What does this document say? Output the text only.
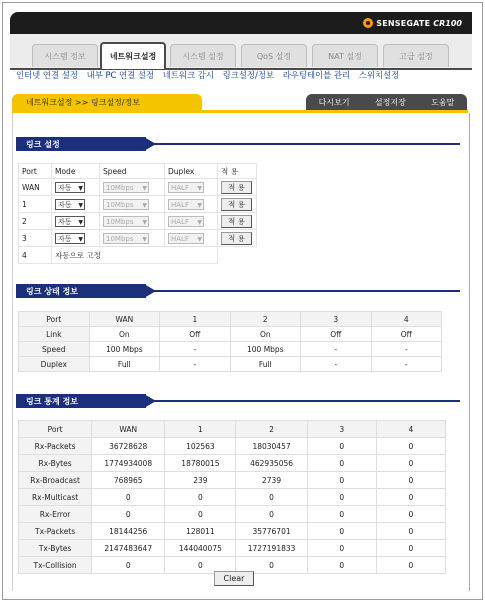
SENSEGATE CR100
시스템 정보	네트워크설정	시스템 설정	QoS 설정	NAT 설정	고급 설정
인터넷 연결 설정 내부 PC 연결 설정 네트워크 감시 링크설정/정보 라우팅테이블 관리 스위치설정
네트워크설정 >> 링크설정/정보	다시보기	설정저장	도움말
링크 설정
Port	Mode	Speed	Duplex	적 용
WAN	자동 ▼	10Mbps ▼	HALF ▼	적 용
1	자동 ▼	10Mbps ▼	HALF ▼	적 용
2	자동 ▼	10Mbps ▼	HALF ▼	적 용
3	자동 ▼	10Mbps ▼	HALF ▼	적 용
4	자동으로 고정			
링크 상태 정보
Port	WAN	1	2	3	4
Link	On	Off	On	Off	Off
Speed	100 Mbps	-	100 Mbps	-	-
Duplex	Full	-	Full	-	-
링크 통계 정보
Port	WAN	1	2	3	4
Rx-Packets	36728628	102563	18030457	0	0
Rx-Bytes	1774934008	18780015	462935056	0	0
Rx-Broadcast	768965	239	2739	0	0
Rx-Multicast	0	0	0	0	0
Rx-Error	0	0	0	0	0
Tx-Packets	18144256	128011	35776701	0	0
Tx-Bytes	2147483647	144040075	1727191833	0	0
Tx-Collision	0	0	0	0	0
Clear
